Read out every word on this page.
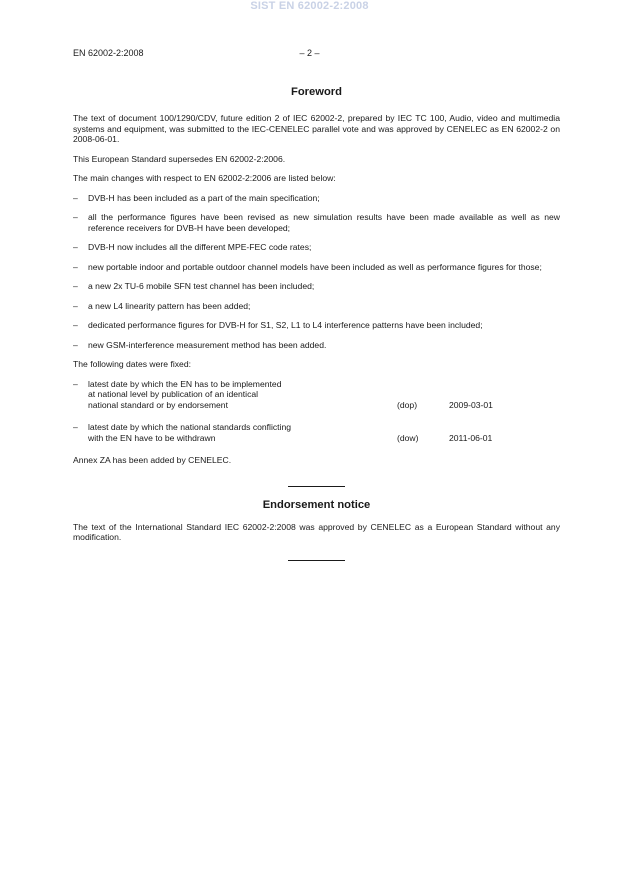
SIST EN 62002-2:2008
EN 62002-2:2008	– 2 –
Foreword

The text of document 100/1290/CDV, future edition 2 of IEC 62002-2, prepared by IEC TC 100, Audio, video and multimedia systems and equipment, was submitted to the IEC-CENELEC parallel vote and was approved by CENELEC as EN 62002-2 on 2008-06-01.

This European Standard supersedes EN 62002-2:2006.

The main changes with respect to EN 62002-2:2006 are listed below:

–	DVB-H has been included as a part of the main specification;
–	all the performance figures have been revised as new simulation results have been made available as well as new reference receivers for DVB-H have been developed;
–	DVB-H now includes all the different MPE-FEC code rates;
–	new portable indoor and portable outdoor channel models have been included as well as performance figures for those;
–	a new 2x TU-6 mobile SFN test channel has been included;
–	a new L4 linearity pattern has been added;
–	dedicated performance figures for DVB-H for S1, S2, L1 to L4 interference patterns have been included;
–	new GSM-interference measurement method has been added.

The following dates were fixed:

–	latest date by which the EN has to be implemented
at national level by publication of an identical
national standard or by endorsement	(dop)	2009-03-01
–	latest date by which the national standards conflicting
with the EN have to be withdrawn	(dow)	2011-06-01

Annex ZA has been added by CENELEC.

Endorsement notice

The text of the International Standard IEC 62002-2:2008 was approved by CENELEC as a European Standard without any modification.
